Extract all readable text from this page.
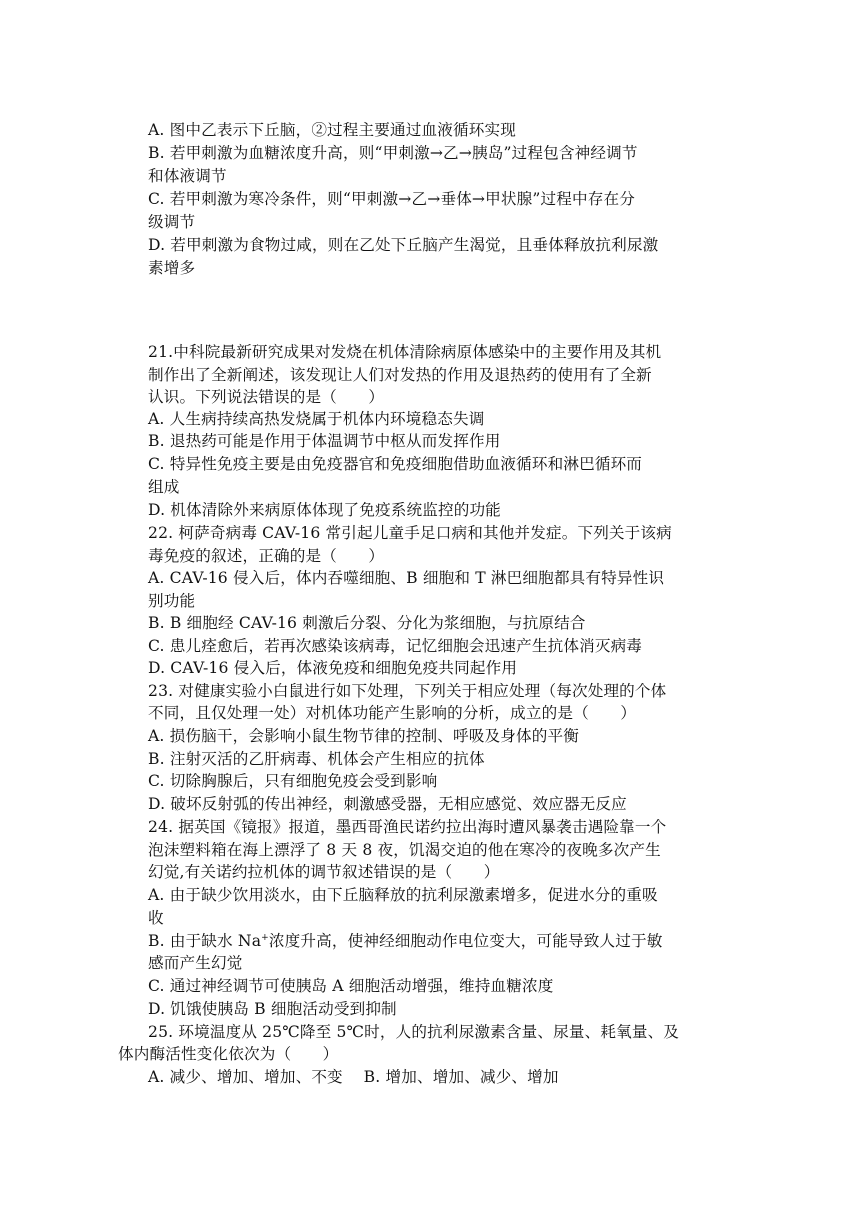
A. 图中乙表示下丘脑，②过程主要通过血液循环实现
B. 若甲刺激为血糖浓度升高，则“甲刺激→乙→胰岛”过程包含神经调节
和体液调节
C. 若甲刺激为寒冷条件，则“甲刺激→乙→垂体→甲状腺”过程中存在分
级调节
D. 若甲刺激为食物过咸，则在乙处下丘脑产生渴觉，且垂体释放抗利尿激
素增多
21.中科院最新研究成果对发烧在机体清除病原体感染中的主要作用及其机
制作出了全新阐述，该发现让人们对发热的作用及退热药的使用有了全新
认识。下列说法错误的是（　　）
A. 人生病持续高热发烧属于机体内环境稳态失调
B. 退热药可能是作用于体温调节中枢从而发挥作用
C. 特异性免疫主要是由免疫器官和免疫细胞借助血液循环和淋巴循环而
组成
D. 机体清除外来病原体体现了免疫系统监控的功能
22. 柯萨奇病毒 CAV-16 常引起儿童手足口病和其他并发症。下列关于该病
毒免疫的叙述，正确的是（　　）
A. CAV-16 侵入后，体内吞噬细胞、B 细胞和 T 淋巴细胞都具有特异性识
别功能
B. B 细胞经 CAV-16 刺激后分裂、分化为浆细胞，与抗原结合
C. 患儿痊愈后，若再次感染该病毒，记忆细胞会迅速产生抗体消灭病毒
D. CAV-16 侵入后，体液免疫和细胞免疫共同起作用
23. 对健康实验小白鼠进行如下处理，下列关于相应处理（每次处理的个体
不同，且仅处理一处）对机体功能产生影响的分析，成立的是（　　）
A. 损伤脑干，会影响小鼠生物节律的控制、呼吸及身体的平衡
B. 注射灭活的乙肝病毒、机体会产生相应的抗体
C. 切除胸腺后，只有细胞免疫会受到影响
D. 破坏反射弧的传出神经，刺激感受器，无相应感觉、效应器无反应
24. 据英国《镜报》报道，墨西哥渔民诺约拉出海时遭风暴袭击遇险靠一个
泡沫塑料箱在海上漂浮了 8 天 8 夜，饥渴交迫的他在寒冷的夜晚多次产生
幻觉,有关诺约拉机体的调节叙述错误的是（　　）
A. 由于缺少饮用淡水，由下丘脑释放的抗利尿激素增多，促进水分的重吸
收
B. 由于缺水 Na+浓度升高，使神经细胞动作电位变大，可能导致人过于敏
感而产生幻觉
C. 通过神经调节可使胰岛 A 细胞活动增强，维持血糖浓度
D. 饥饿使胰岛 B 细胞活动受到抑制
25. 环境温度从 25℃降至 5℃时，人的抗利尿激素含量、尿量、耗氧量、及
体内酶活性变化依次为（　　）
A. 减少、增加、增加、不变　 B. 增加、增加、减少、增加
